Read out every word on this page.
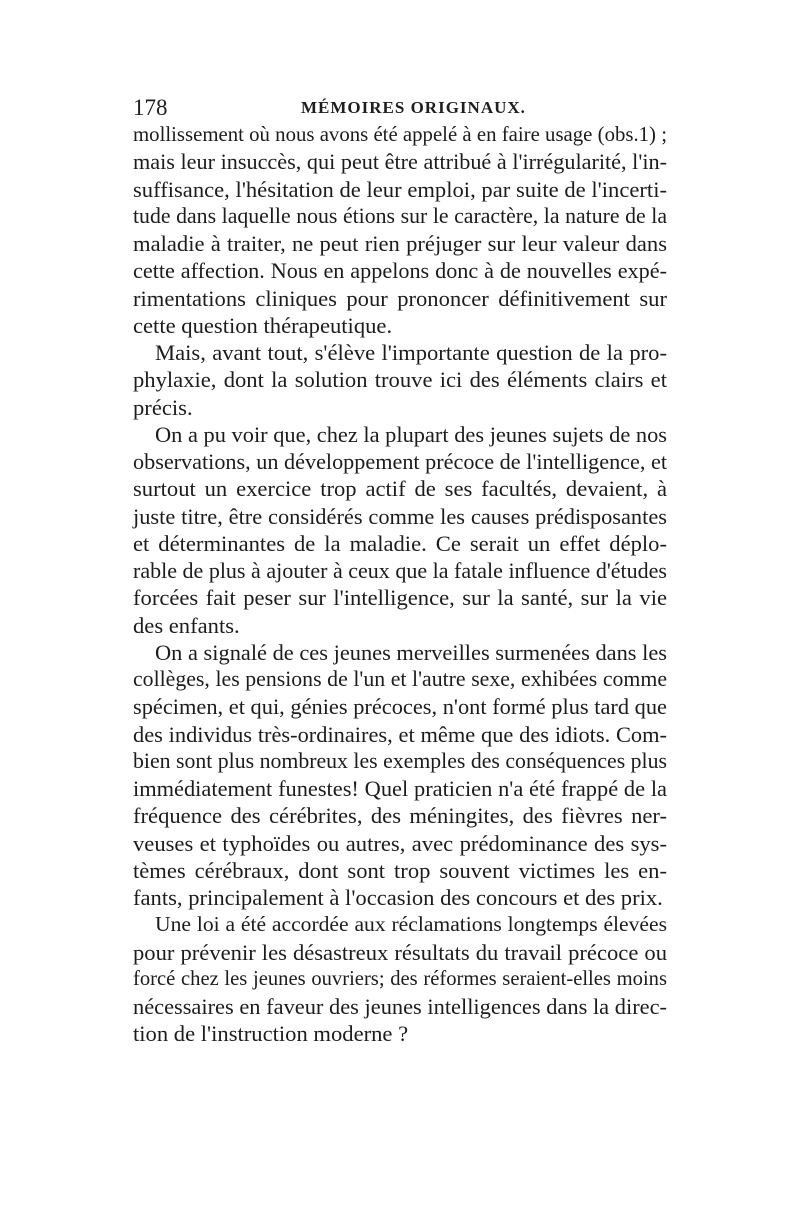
178	MÉMOIRES ORIGINAUX.
mollissement où nous avons été appelé à en faire usage (obs.1) ;
mais leur insuccès, qui peut être attribué à l'irrégularité, l'in-
suffisance, l'hésitation de leur emploi, par suite de l'incerti-
tude dans laquelle nous étions sur le caractère, la nature de la
maladie à traiter, ne peut rien préjuger sur leur valeur dans
cette affection. Nous en appelons donc à de nouvelles expé-
rimentations cliniques pour prononcer définitivement sur
cette question thérapeutique.
Mais, avant tout, s'élève l'importante question de la pro-
phylaxie, dont la solution trouve ici des éléments clairs et
précis.
On a pu voir que, chez la plupart des jeunes sujets de nos
observations, un développement précoce de l'intelligence, et
surtout un exercice trop actif de ses facultés, devaient, à
juste titre, être considérés comme les causes prédisposantes
et déterminantes de la maladie. Ce serait un effet déplo-
rable de plus à ajouter à ceux que la fatale influence d'études
forcées fait peser sur l'intelligence, sur la santé, sur la vie
des enfants.
On a signalé de ces jeunes merveilles surmenées dans les
collèges, les pensions de l'un et l'autre sexe, exhibées comme
spécimen, et qui, génies précoces, n'ont formé plus tard que
des individus très-ordinaires, et même que des idiots. Com-
bien sont plus nombreux les exemples des conséquences plus
immédiatement funestes! Quel praticien n'a été frappé de la
fréquence des cérébrites, des méningites, des fièvres ner-
veuses et typhoïdes ou autres, avec prédominance des sys-
tèmes cérébraux, dont sont trop souvent victimes les en-
fants, principalement à l'occasion des concours et des prix.
Une loi a été accordée aux réclamations longtemps élevées
pour prévenir les désastreux résultats du travail précoce ou
forcé chez les jeunes ouvriers; des réformes seraient-elles moins
nécessaires en faveur des jeunes intelligences dans la direc-
tion de l'instruction moderne ?
